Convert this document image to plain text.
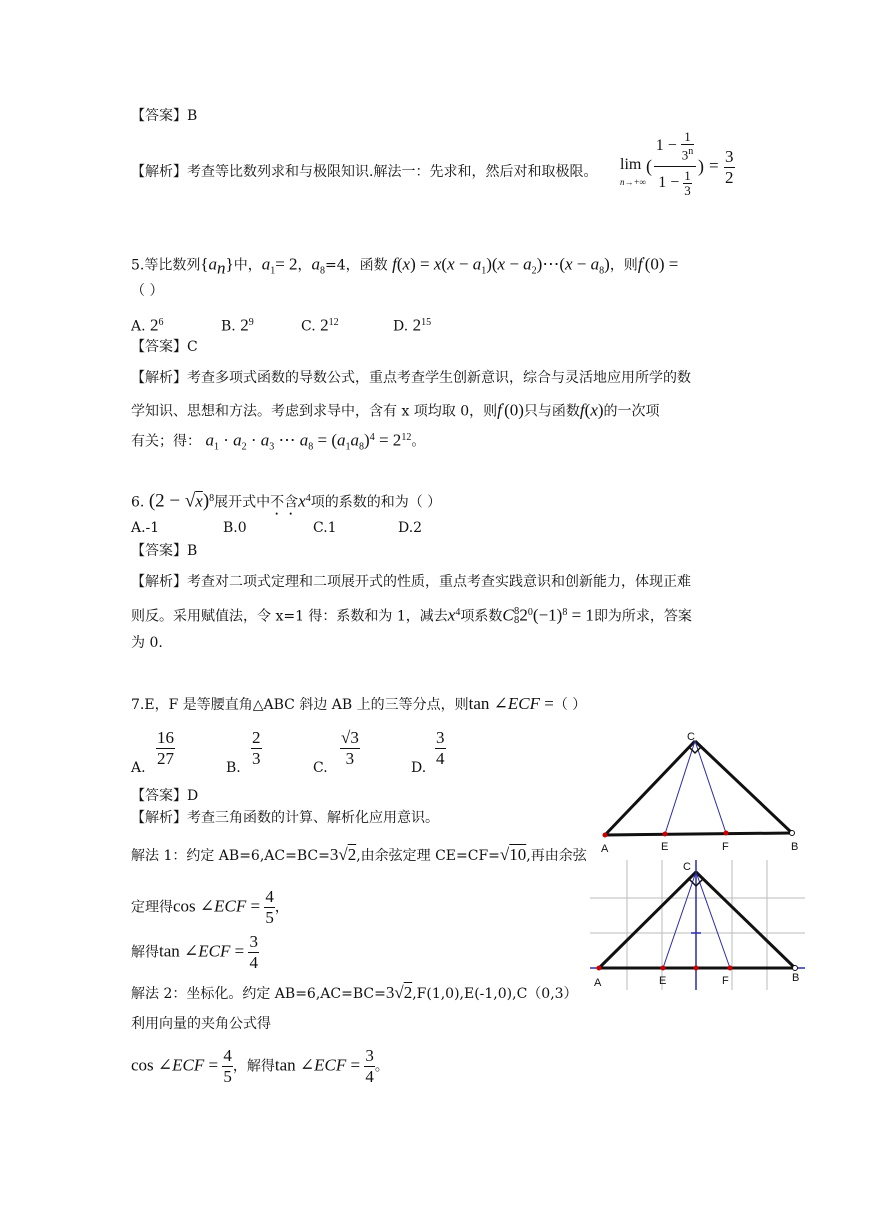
【答案】B
【解析】考查等比数列求和与极限知识.解法一：先求和，然后对和取极限。 lim
n→+∞
(
$1 - \frac{1}{3^n}$
$1 - \frac{1}{3}$
) = $\frac{3}{2}$
5.等比数列$\{a_n\}$中，$a_1= 2$，$a_8=4$，函数 $f(x) = x(x - a_1)(x$ − $a_2)\cdots(x - a_8)$，则f′(0) =
（ ）
A. $2^6$	B. $2^9$	C. $2^{12}$	D. $2^{15}$
【答案】C
【解析】考查多项式函数的导数公式，重点考查学生创新意识，综合与灵活地应用所学的数
学知识、思想和方法。考虑到求导中，含有 x 项均取 0，则f′(0)只与函数f(x)的一次项
有关；得： $a_1 \cdot a_2 \cdot a_3$ ⋯ $a_8 = (a_1a_8)^4 = 2^{12}$。
6. $(2 - √x)^8$展开式中不含$x^4$项的系数的和为（ ）
A.-1	B.0	C.1	D.2
【答案】B
【解析】考查对二项式定理和二项展开式的性质，重点考查实践意识和创新能力，体现正难
则反。采用赋值法，令 x=1 得：系数和为 1，减去$x^4$项系数C 8
8 $2^0(-1)^8 = 1$即为所求，答案
为 0.
7.E，F 是等腰直角△ABC 斜边 AB 上的三等分点，则tan ∠ECF =（ ）
A. $\frac{16}{27}$	B. $\frac{2}{3}$	C. $\frac{√3}{3}$	D. $\frac{3}{4}$
【答案】D
【解析】考查三角函数的计算、解析化应用意识。
解法 1：约定 AB=6,AC=BC=3√2,由余弦定理 CE=CF=√10,再由余弦
定理得cos ∠ECF = $\frac{4}{5}$ ，
解得tan ∠ECF = $\frac{3}{4}$
解法 2：坐标化。约定 AB=6,AC=BC=3√2,F(1,0),E(-1,0),C（0,3）
利用向量的夹角公式得
cos ∠ECF = $\frac{4}{5}$ ，解得tan ∠ECF = $\frac{3}{4}$ 。
C
A	E	F	B
C
A	E	F	B
